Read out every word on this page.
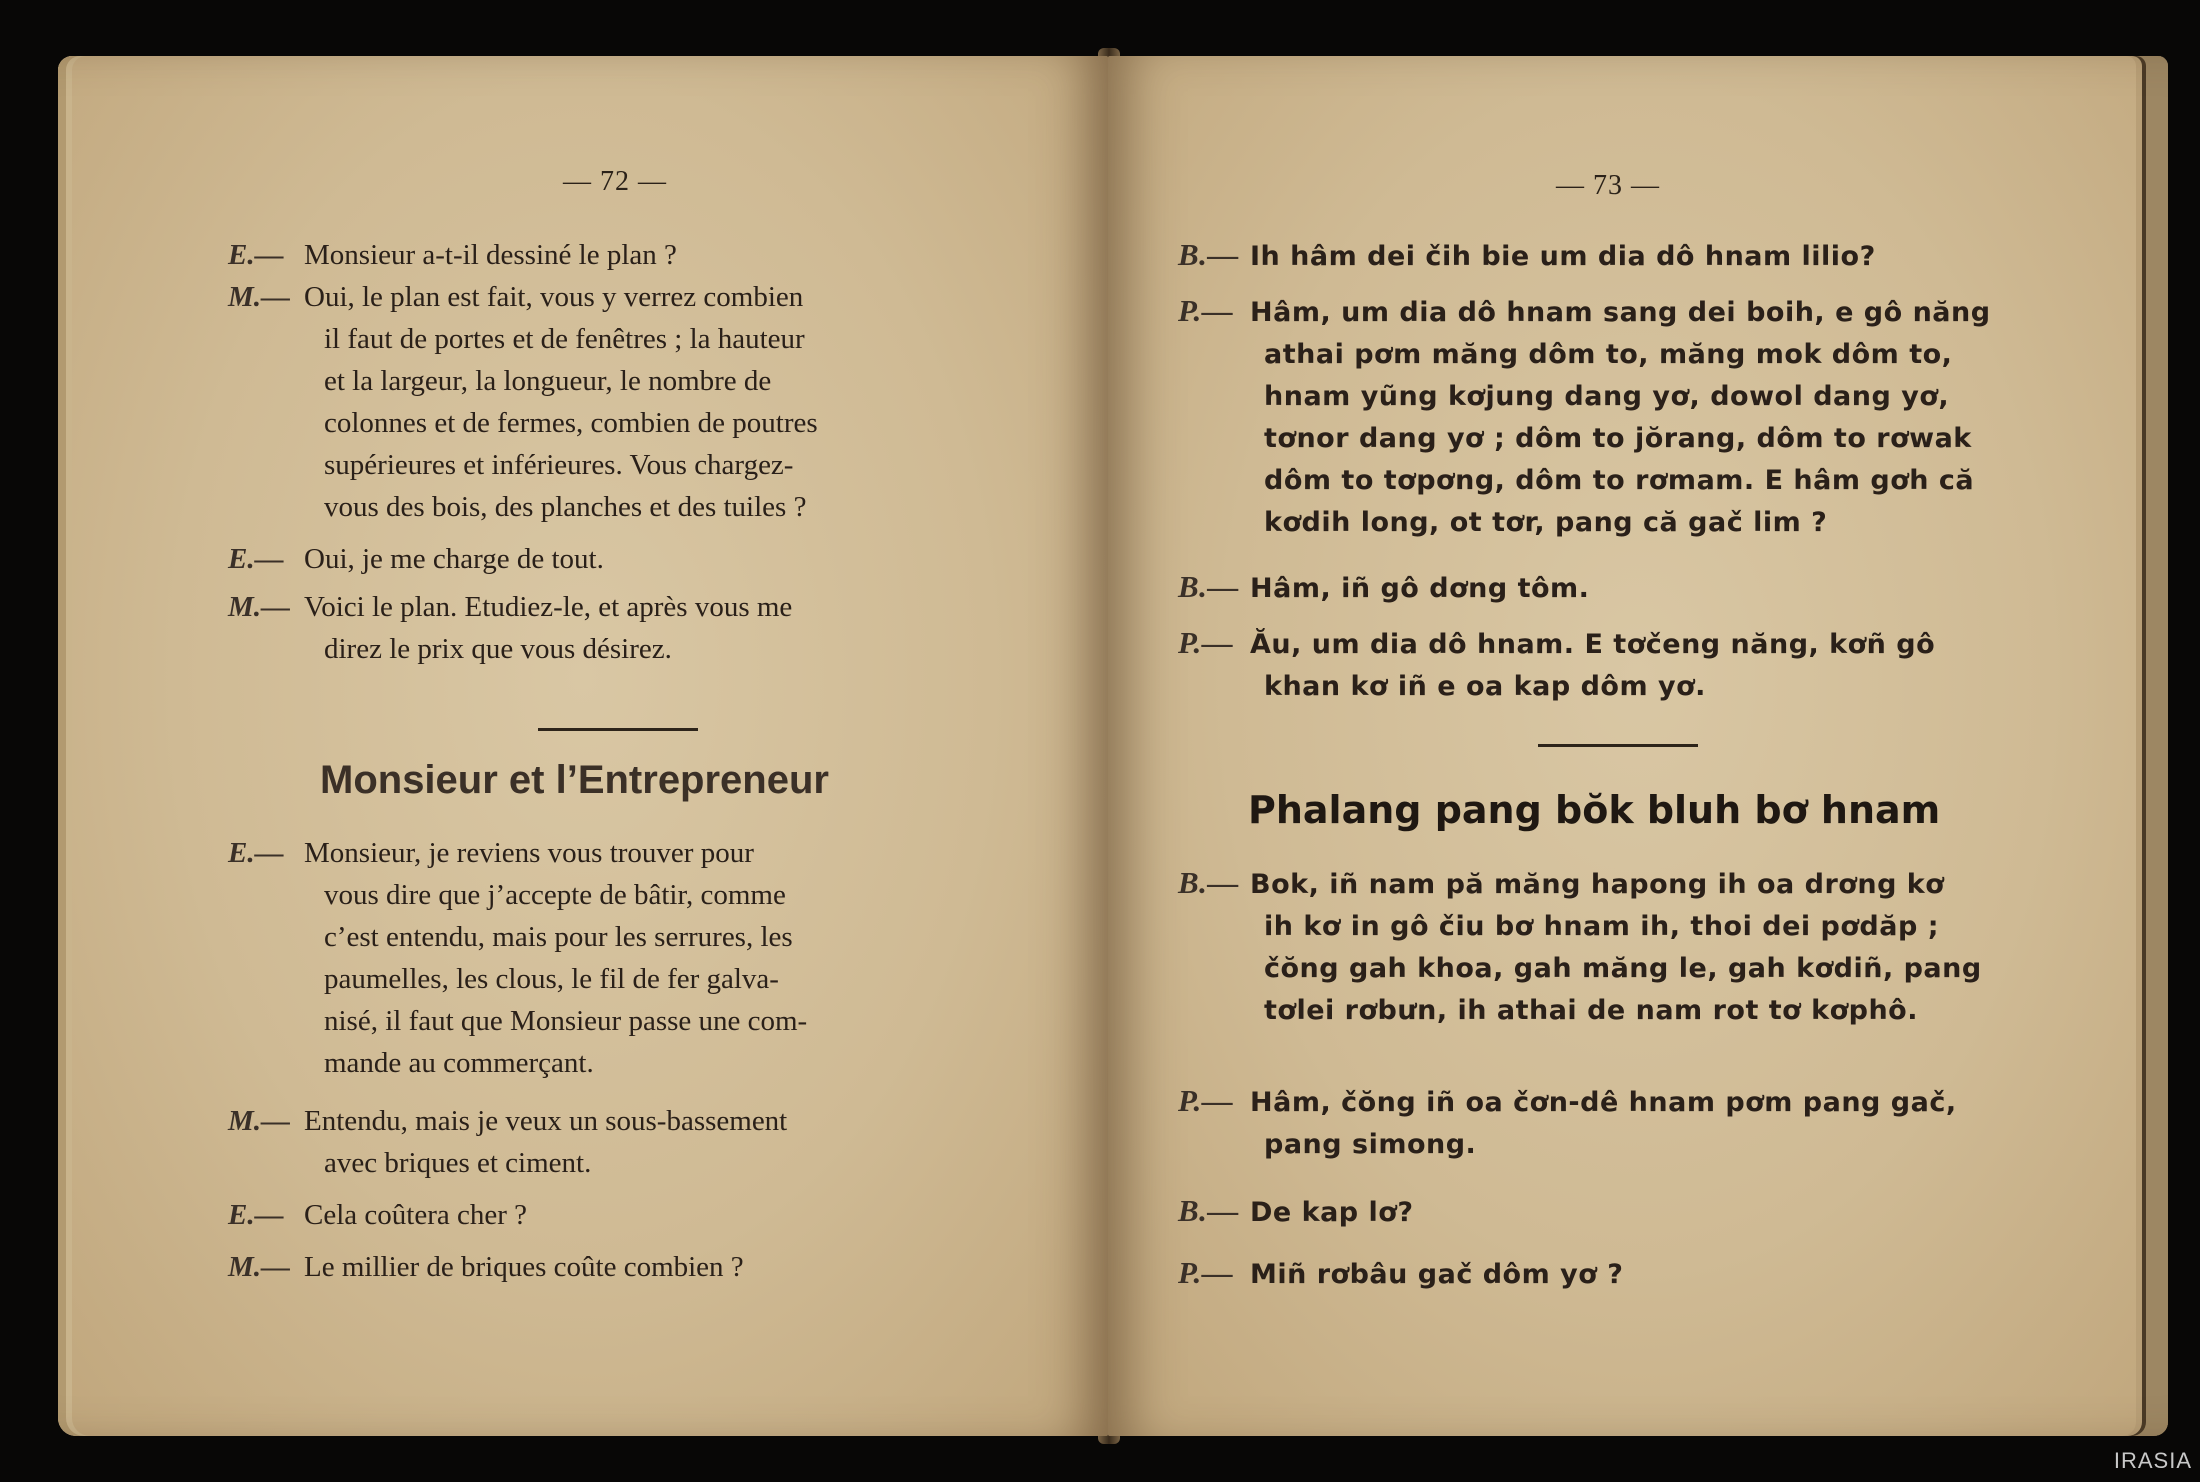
— 72 —
E.— Monsieur a-t-il dessiné le plan ?
M.— Oui, le plan est fait, vous y verrez combien
il faut de portes et de fenêtres ; la hauteur
et la largeur, la longueur, le nombre de
colonnes et de fermes, combien de poutres
supérieures et inférieures. Vous chargez-
vous des bois, des planches et des tuiles ?
E.— Oui, je me charge de tout.
M.— Voici le plan. Etudiez-le, et après vous me
direz le prix que vous désirez.
Monsieur et l’Entrepreneur
E.— Monsieur, je reviens vous trouver pour
vous dire que j’accepte de bâtir, comme
c’est entendu, mais pour les serrures, les
paumelles, les clous, le fil de fer galva-
nisé, il faut que Monsieur passe une com-
mande au commerçant.
M.— Entendu, mais je veux un sous-bassement
avec briques et ciment.
E.— Cela coûtera cher ?
M.— Le millier de briques coûte combien ?
— 73 —
B.— Ih hâm dei čih bie um dia dô hnam lilio?
P.— Hâm, um dia dô hnam sang dei boih, e gô năng
athai pơm măng dôm to, măng mok dôm to,
hnam yũng kơjung dang yơ, dowol dang yơ,
tơnor dang yơ ; dôm to jŏrang, dôm to rơwak
dôm to tơpơng, dôm to rơmam. E hâm gơh că
kơdih long, ot tơr, pang că gač lim ?
B.— Hâm, iñ gô dơng tôm.
P.— Ău, um dia dô hnam. E tơčeng năng, kơñ gô
khan kơ iñ e oa kap dôm yơ.
Phalang pang bŏk bluh bơ hnam
B.— Bok, iñ nam pă măng hapong ih oa drơng kơ
ih kơ in gô čiu bơ hnam ih, thoi dei pơdăp ;
čŏng gah khoa, gah măng le, gah kơdiñ, pang
tơlei rơbưn, ih athai de nam rot tơ kơphô.
P.— Hâm, čŏng iñ oa čơn-dê hnam pơm pang gač,
pang simong.
B.— De kap lơ?
P.— Miñ rơbâu gač dôm yơ ?
IRASIA
